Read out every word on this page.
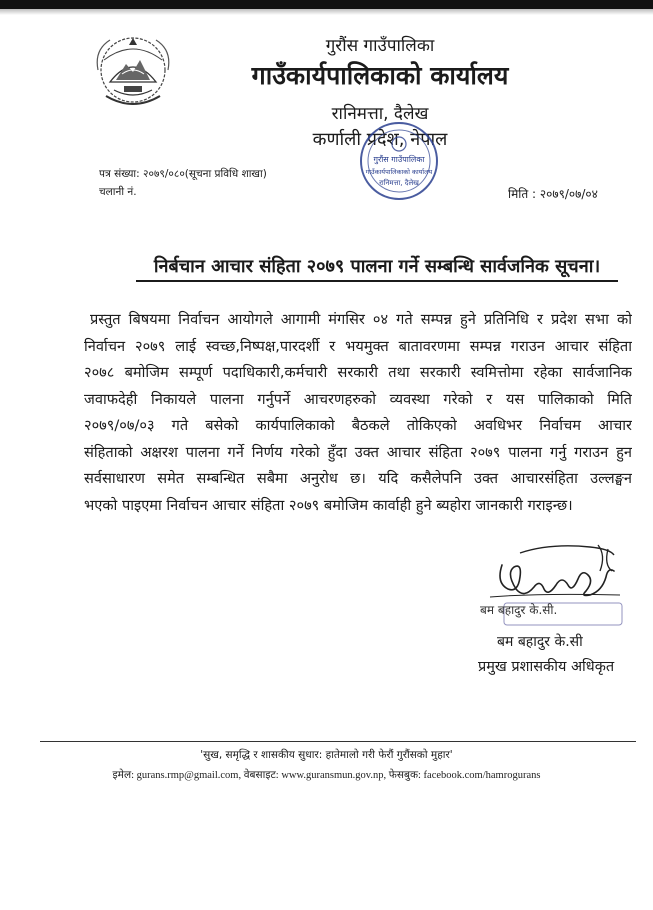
गुरौंस गाउँपालिका
गाउँकार्यपालिकाको कार्यालय
रानिमत्ता, दैलेख
कर्णाली प्रदेश, नेपाल
गुरौंस गाउँपालिका
गाउँकार्यपालिकाको कार्यालय
रानिमत्ता, दैलेख
पत्र संख्या: २०७९/०८०(सूचना प्रविधि शाखा)
चलानी नं.	मिति : २०७९/०७/०४
निर्बचान आचार संहिता २०७९ पालना गर्ने सम्बन्धि सार्वजनिक सूचना।

प्रस्तुत बिषयमा निर्वाचन आयोगले आगामी मंगसिर ०४ गते सम्पन्न हुने प्रतिनिधि र प्रदेश सभा को
निर्वाचन २०७९ लाई स्वच्छ,निष्पक्ष,पारदर्शी र भयमुक्त बातावरणमा सम्पन्न गराउन आचार संहिता
२०७८ बमोजिम सम्पूर्ण पदाधिकारी,कर्मचारी सरकारी तथा सरकारी स्वमित्तोमा रहेका सार्वजानिक
जवाफदेही निकायले पालना गर्नुपर्ने आचरणहरुको व्यवस्था गरेको र यस पालिकाको मिति
२०७९/०७/०३ गते बसेको कार्यपालिकाको बैठकले तोकिएको अवधिभर निर्वाचम आचार
संहिताको अक्षरश पालना गर्ने निर्णय गरेको हुँदा उक्त आचार संहिता २०७९ पालना गर्नु गराउन हुन
सर्वसाधारण समेत सम्बन्धित सबैमा अनुरोध छ। यदि कसैलेपनि उक्त आचारसंहिता उल्लङ्घन
भएको पाइएमा निर्वाचन आचार संहिता २०७९ बमोजिम कार्वाही हुने ब्यहोरा जानकारी गराइन्छ।

बम बहादुर के.सी.
बम बहादुर के.सी
प्रमुख प्रशासकीय अधिकृत
'सुख, समृद्धि र शासकीय सुधार: हातेमालो गरी फेरौं गुरौंसको मुहार'
इमेल: gurans.rmp@gmail.com, वेबसाइट: www.guransmun.gov.np, फेसबुक: facebook.com/hamrogurans
